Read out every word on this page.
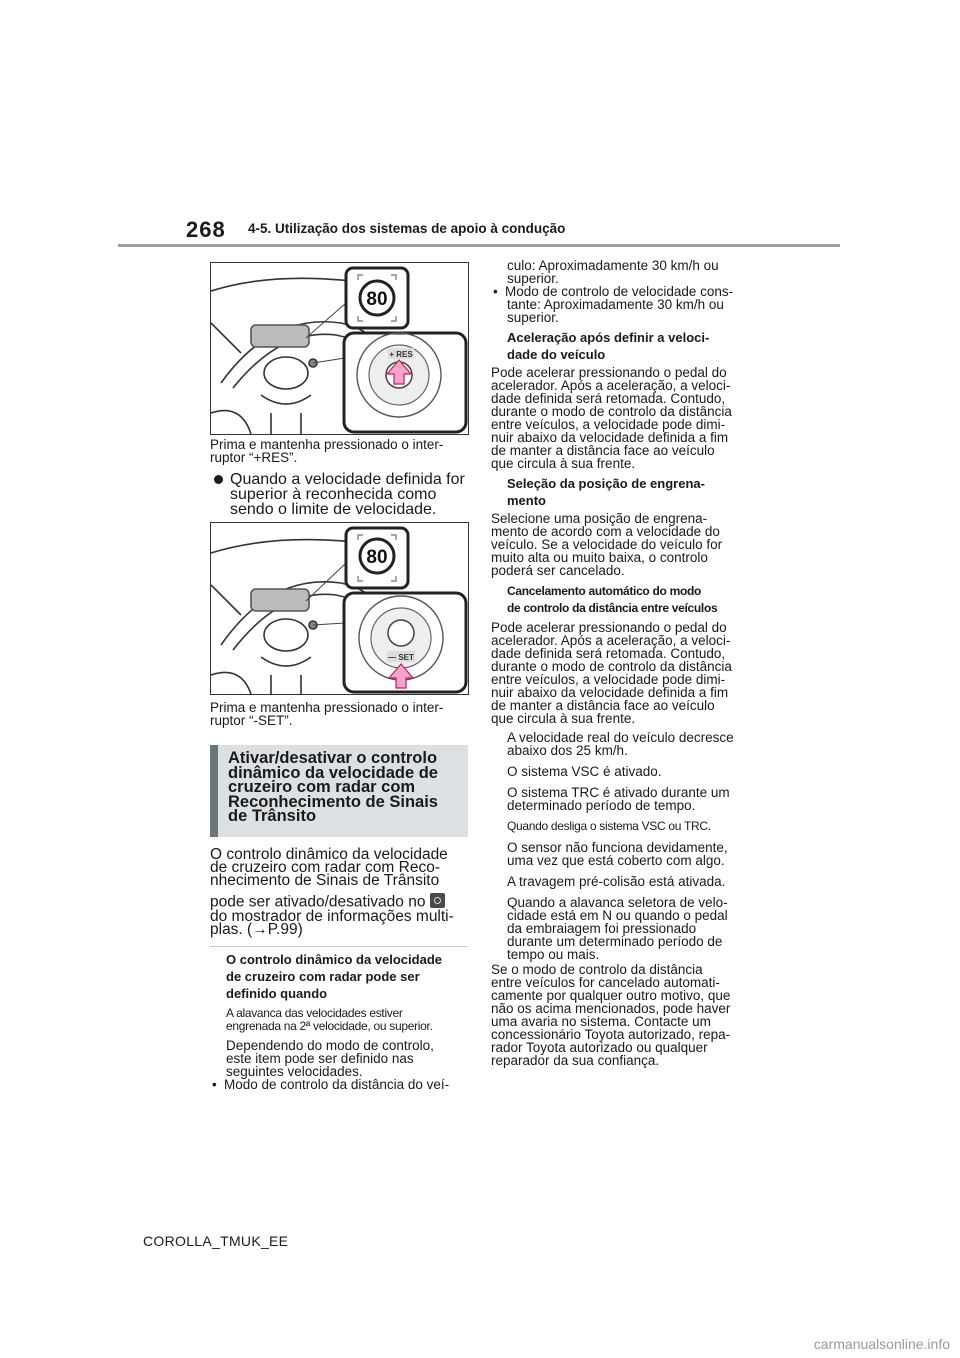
268 4-5. Utilização dos sistemas de apoio à condução
80
+ RES

Prima e mantenha pressionado o inter-

ruptor “+RES”.

Quando a velocidade definida for

superior à reconhecida como

sendo o limite de velocidade.

80
— SET

Prima e mantenha pressionado o inter-

ruptor “-SET”.

Ativar/desativar o controlo
dinâmico da velocidade de
cruzeiro com radar com
Reconhecimento de Sinais
de Trânsito

O controlo dinâmico da velocidade

de cruzeiro com radar com Reco-

nhecimento de Sinais de Trânsito

pode ser ativado/desativado no

do mostrador de informações multi-

plas. (→P.99)

O controlo dinâmico da velocidade

de cruzeiro com radar pode ser

definido quando

A alavanca das velocidades estiver

engrenada na 2ª velocidade, ou superior.

Dependendo do modo de controlo,

este item pode ser definido nas

seguintes velocidades.

• Modo de controlo da distância do veí-

culo: Aproximadamente 30 km/h ou

superior.

• Modo de controlo de velocidade cons-

tante: Aproximadamente 30 km/h ou

superior.

Aceleração após definir a veloci-

dade do veículo

Pode acelerar pressionando o pedal do

acelerador. Após a aceleração, a veloci-

dade definida será retomada. Contudo,

durante o modo de controlo da distância

entre veículos, a velocidade pode dimi-

nuir abaixo da velocidade definida a fim

de manter a distância face ao veículo

que circula à sua frente.

Seleção da posição de engrena-

mento

Selecione uma posição de engrena-

mento de acordo com a velocidade do

veículo. Se a velocidade do veículo for

muito alta ou muito baixa, o controlo

poderá ser cancelado.

Cancelamento automático do modo

de controlo da distância entre veículos

Pode acelerar pressionando o pedal do

acelerador. Após a aceleração, a veloci-

dade definida será retomada. Contudo,

durante o modo de controlo da distância

entre veículos, a velocidade pode dimi-

nuir abaixo da velocidade definida a fim

de manter a distância face ao veículo

que circula à sua frente.

A velocidade real do veículo decresce

abaixo dos 25 km/h.

O sistema VSC é ativado.

O sistema TRC é ativado durante um

determinado período de tempo.

Quando desliga o sistema VSC ou TRC.

O sensor não funciona devidamente,

uma vez que está coberto com algo.

A travagem pré-colisão está ativada.

Quando a alavanca seletora de velo-

cidade está em N ou quando o pedal

da embraiagem foi pressionado

durante um determinado período de

tempo ou mais.

Se o modo de controlo da distância

entre veículos for cancelado automati-

camente por qualquer outro motivo, que

não os acima mencionados, pode haver

uma avaria no sistema. Contacte um

concessionário Toyota autorizado, repa-

rador Toyota autorizado ou qualquer

reparador da sua confiança.

COROLLA_TMUK_EE
carmanualsonline.info
